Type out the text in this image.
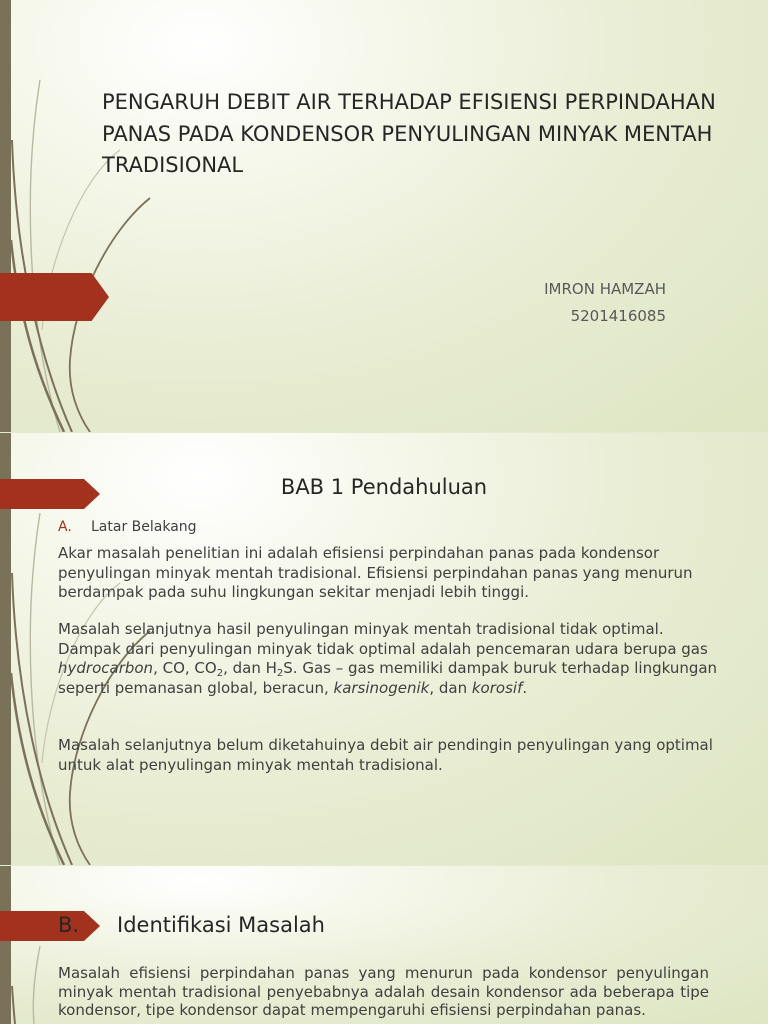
PENGARUH DEBIT AIR TERHADAP EFISIENSI PERPINDAHAN PANAS PADA KONDENSOR PENYULINGAN MINYAK MENTAH TRADISIONAL
IMRON HAMZAH
5201416085
BAB 1 Pendahuluan
A. Latar Belakang

Akar masalah penelitian ini adalah efisiensi perpindahan panas pada kondensor penyulingan minyak mentah tradisional. Efisiensi perpindahan panas yang menurun berdampak pada suhu lingkungan sekitar menjadi lebih tinggi.

Masalah selanjutnya hasil penyulingan minyak mentah tradisional tidak optimal. Dampak dari penyulingan minyak tidak optimal adalah pencemaran udara berupa gas hydrocarbon, CO, $CO_2$, dan $H_2S$. Gas – gas memiliki dampak buruk terhadap lingkungan seperti pemanasan global, beracun, karsinogenik, dan korosif.

Masalah selanjutnya belum diketahuinya debit air pendingin penyulingan yang optimal untuk alat penyulingan minyak mentah tradisional.

B. Identifikasi Masalah

Masalah efisiensi perpindahan panas yang menurun pada kondensor penyulingan minyak mentah tradisional penyebabnya adalah desain kondensor ada beberapa tipe kondensor, tipe kondensor dapat mempengaruhi efisiensi perpindahan panas.
